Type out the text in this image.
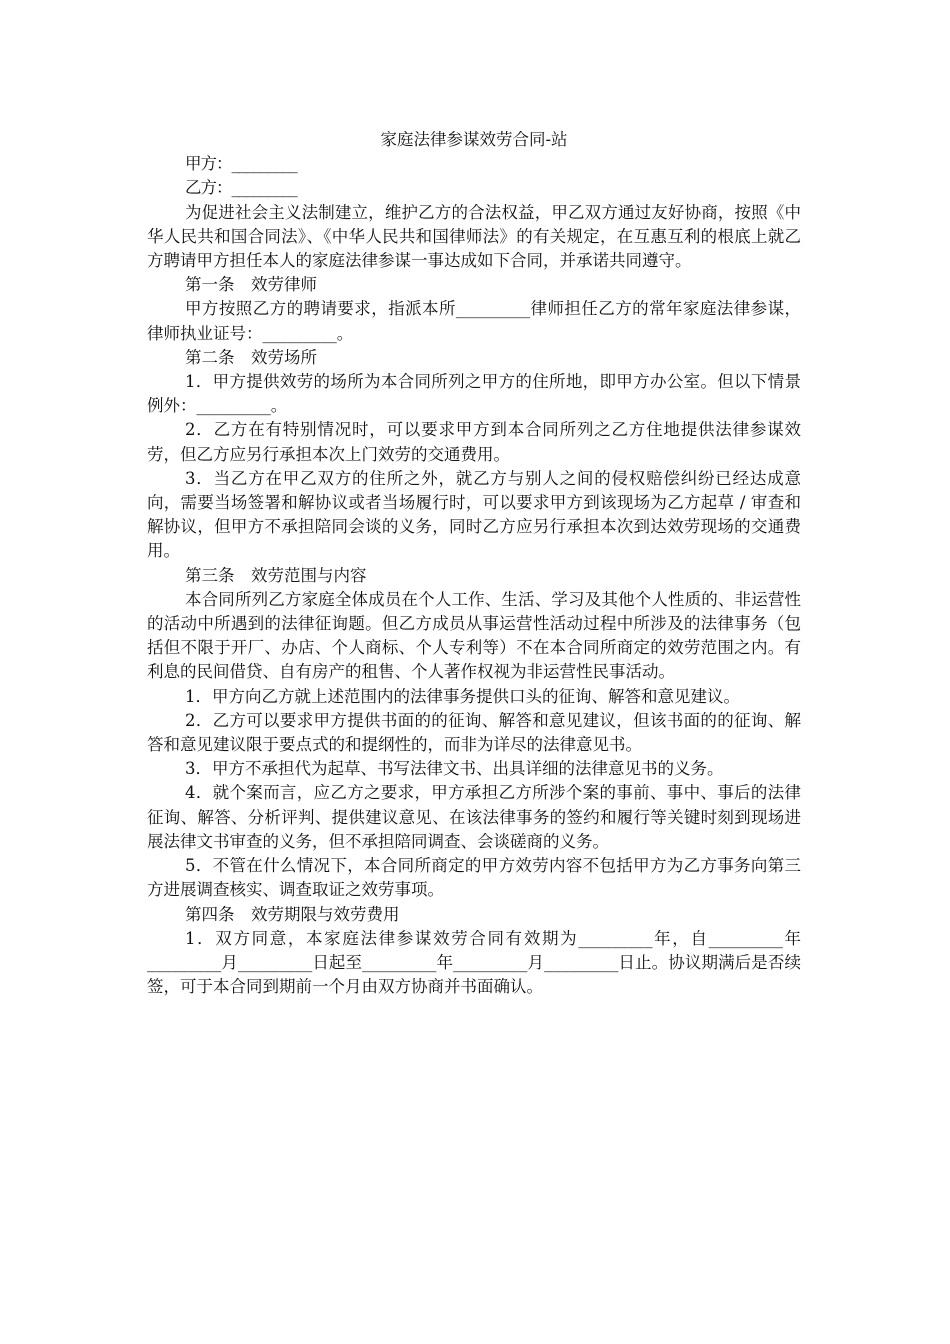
家庭法律参谋效劳合同-站

甲方：_________

乙方：_________

为促进社会主义法制建立，维护乙方的合法权益，甲乙双方通过友好协商，按照《中华人民共和国合同法》、《中华人民共和国律师法》的有关规定，在互惠互利的根底上就乙方聘请甲方担任本人的家庭法律参谋一事达成如下合同，并承诺共同遵守。

第一条　效劳律师

甲方按照乙方的聘请要求，指派本所_________律师担任乙方的常年家庭法律参谋，律师执业证号：_________。

第二条　效劳场所

1．甲方提供效劳的场所为本合同所列之甲方的住所地，即甲方办公室。但以下情景例外：_________。

2．乙方在有特别情况时，可以要求甲方到本合同所列之乙方住地提供法律参谋效劳，但乙方应另行承担本次上门效劳的交通费用。

3．当乙方在甲乙双方的住所之外，就乙方与别人之间的侵权赔偿纠纷已经达成意向，需要当场签署和解协议或者当场履行时，可以要求甲方到该现场为乙方起草 / 审查和解协议，但甲方不承担陪同会谈的义务，同时乙方应另行承担本次到达效劳现场的交通费用。

第三条　效劳范围与内容

本合同所列乙方家庭全体成员在个人工作、生活、学习及其他个人性质的、非运营性的活动中所遇到的法律征询题。但乙方成员从事运营性活动过程中所涉及的法律事务（包括但不限于开厂、办店、个人商标、个人专利等）不在本合同所商定的效劳范围之内。有利息的民间借贷、自有房产的租售、个人著作权视为非运营性民事活动。

1．甲方向乙方就上述范围内的法律事务提供口头的征询、解答和意见建议。

2．乙方可以要求甲方提供书面的的征询、解答和意见建议，但该书面的的征询、解答和意见建议限于要点式的和提纲性的，而非为详尽的法律意见书。

3．甲方不承担代为起草、书写法律文书、出具详细的法律意见书的义务。

4．就个案而言，应乙方之要求，甲方承担乙方所涉个案的事前、事中、事后的法律征询、解答、分析评判、提供建议意见、在该法律事务的签约和履行等关键时刻到现场进展法律文书审查的义务，但不承担陪同调查、会谈磋商的义务。

5．不管在什么情况下，本合同所商定的甲方效劳内容不包括甲方为乙方事务向第三方进展调查核实、调查取证之效劳事项。

第四条　效劳期限与效劳费用

1．双方同意，本家庭法律参谋效劳合同有效期为_________年，自_________年_________月_________日起至_________年_________月_________日止。协议期满后是否续签，可于本合同到期前一个月由双方协商并书面确认。
